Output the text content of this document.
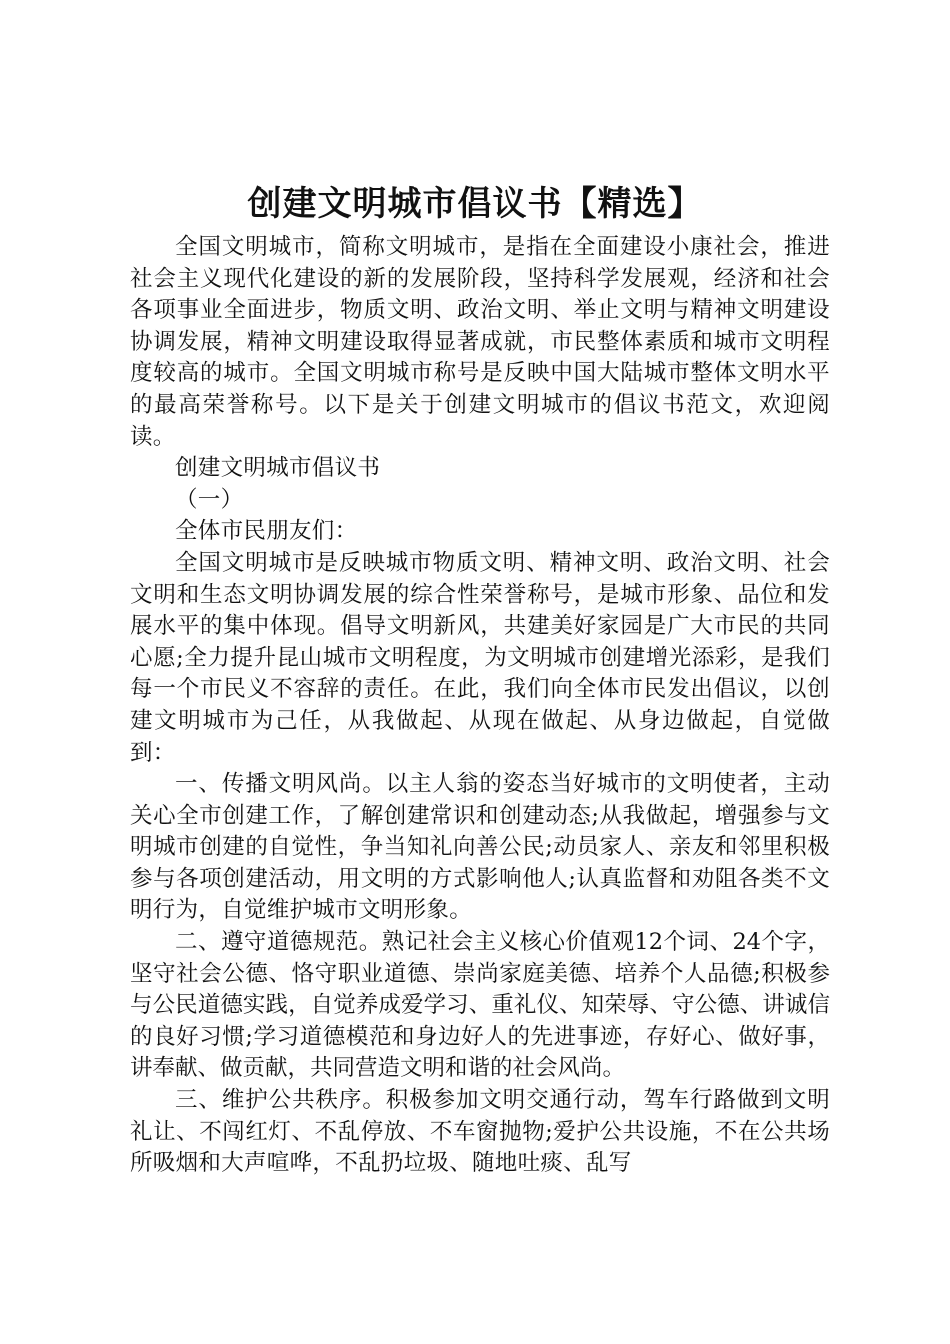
创建文明城市倡议书【精选】

全国文明城市，简称文明城市，是指在全面建设小康社会，推进社会主义现代化建设的新的发展阶段，坚持科学发展观，经济和社会各项事业全面进步，物质文明、政治文明、举止文明与精神文明建设协调发展，精神文明建设取得显著成就，市民整体素质和城市文明程度较高的城市。全国文明城市称号是反映中国大陆城市整体文明水平的最高荣誉称号。以下是关于创建文明城市的倡议书范文，欢迎阅读。

创建文明城市倡议书

（一）

全体市民朋友们：

全国文明城市是反映城市物质文明、精神文明、政治文明、社会文明和生态文明协调发展的综合性荣誉称号，是城市形象、品位和发展水平的集中体现。倡导文明新风，共建美好家园是广大市民的共同心愿;全力提升昆山城市文明程度，为文明城市创建增光添彩，是我们每一个市民义不容辞的责任。在此，我们向全体市民发出倡议，以创建文明城市为己任，从我做起、从现在做起、从身边做起，自觉做到：

一、传播文明风尚。以主人翁的姿态当好城市的文明使者，主动关心全市创建工作，了解创建常识和创建动态;从我做起，增强参与文明城市创建的自觉性，争当知礼向善公民;动员家人、亲友和邻里积极参与各项创建活动，用文明的方式影响他人;认真监督和劝阻各类不文明行为，自觉维护城市文明形象。

二、遵守道德规范。熟记社会主义核心价值观12个词、24个字，坚守社会公德、恪守职业道德、崇尚家庭美德、培养个人品德;积极参与公民道德实践，自觉养成爱学习、重礼仪、知荣辱、守公德、讲诚信的良好习惯;学习道德模范和身边好人的先进事迹，存好心、做好事，讲奉献、做贡献，共同营造文明和谐的社会风尚。

三、维护公共秩序。积极参加文明交通行动，驾车行路做到文明礼让、不闯红灯、不乱停放、不车窗抛物;爱护公共设施，不在公共场所吸烟和大声喧哗，不乱扔垃圾、随地吐痰、乱写
